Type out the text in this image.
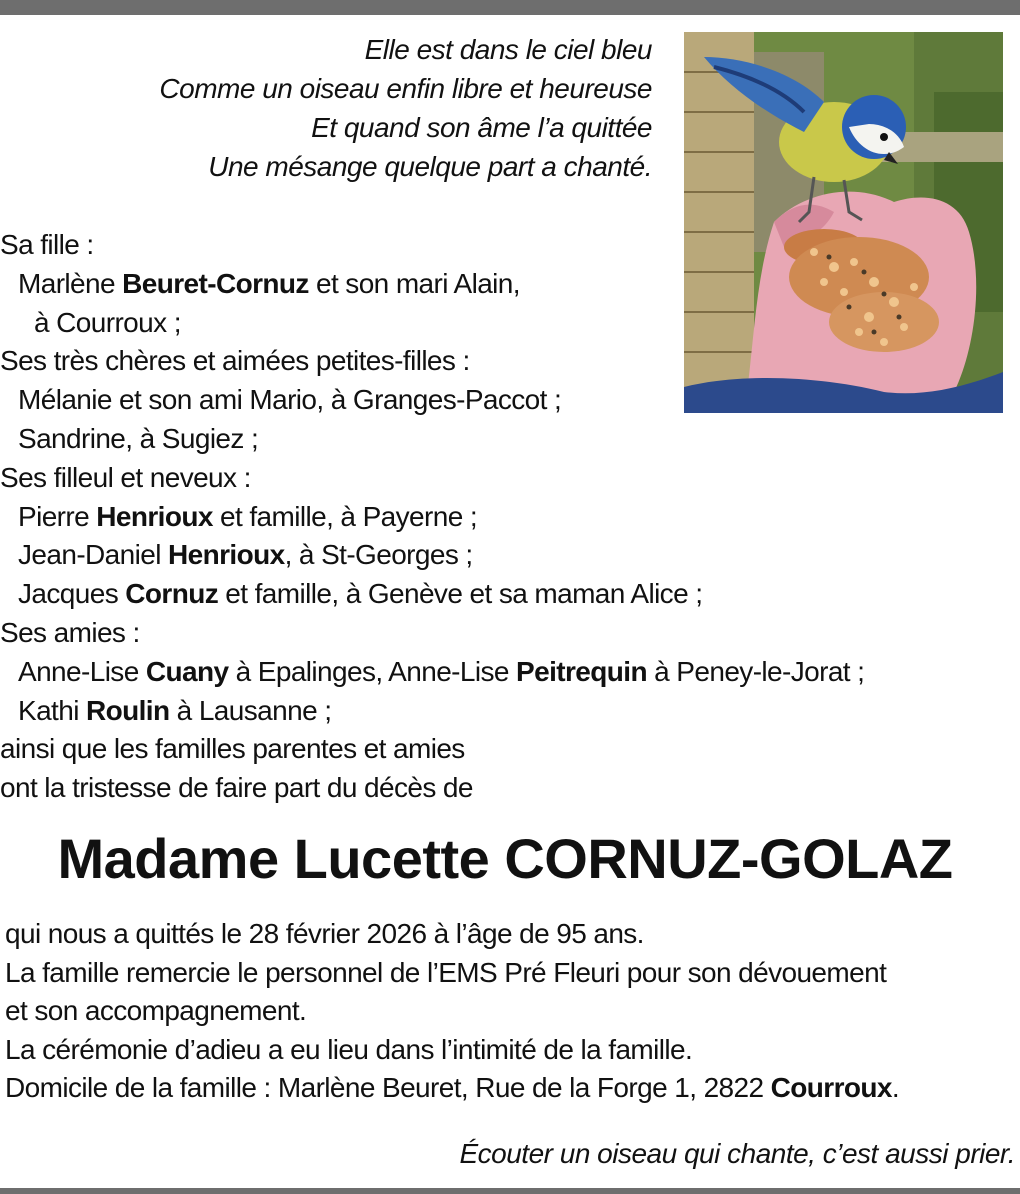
Elle est dans le ciel bleu
Comme un oiseau enfin libre et heureuse
Et quand son âme l’a quittée
Une mésange quelque part a chanté.
Sa fille :
Marlène Beuret-Cornuz et son mari Alain,
à Courroux ;
Ses très chères et aimées petites-filles :
Mélanie et son ami Mario, à Granges-Paccot ;
Sandrine, à Sugiez ;
Ses filleul et neveux :
Pierre Henrioux et famille, à Payerne ;
Jean-Daniel Henrioux, à St-Georges ;
Jacques Cornuz et famille, à Genève et sa maman Alice ;
Ses amies :
Anne-Lise Cuany à Epalinges, Anne-Lise Peitrequin à Peney-le-Jorat ;
Kathi Roulin à Lausanne ;
ainsi que les familles parentes et amies
ont la tristesse de faire part du décès de
Madame Lucette CORNUZ-GOLAZ
qui nous a quittés le 28 février 2026 à l’âge de 95 ans.
La famille remercie le personnel de l’EMS Pré Fleuri pour son dévouement
et son accompagnement.
La cérémonie d’adieu a eu lieu dans l’intimité de la famille.
Domicile de la famille : Marlène Beuret, Rue de la Forge 1, 2822 Courroux.
Écouter un oiseau qui chante, c’est aussi prier.
